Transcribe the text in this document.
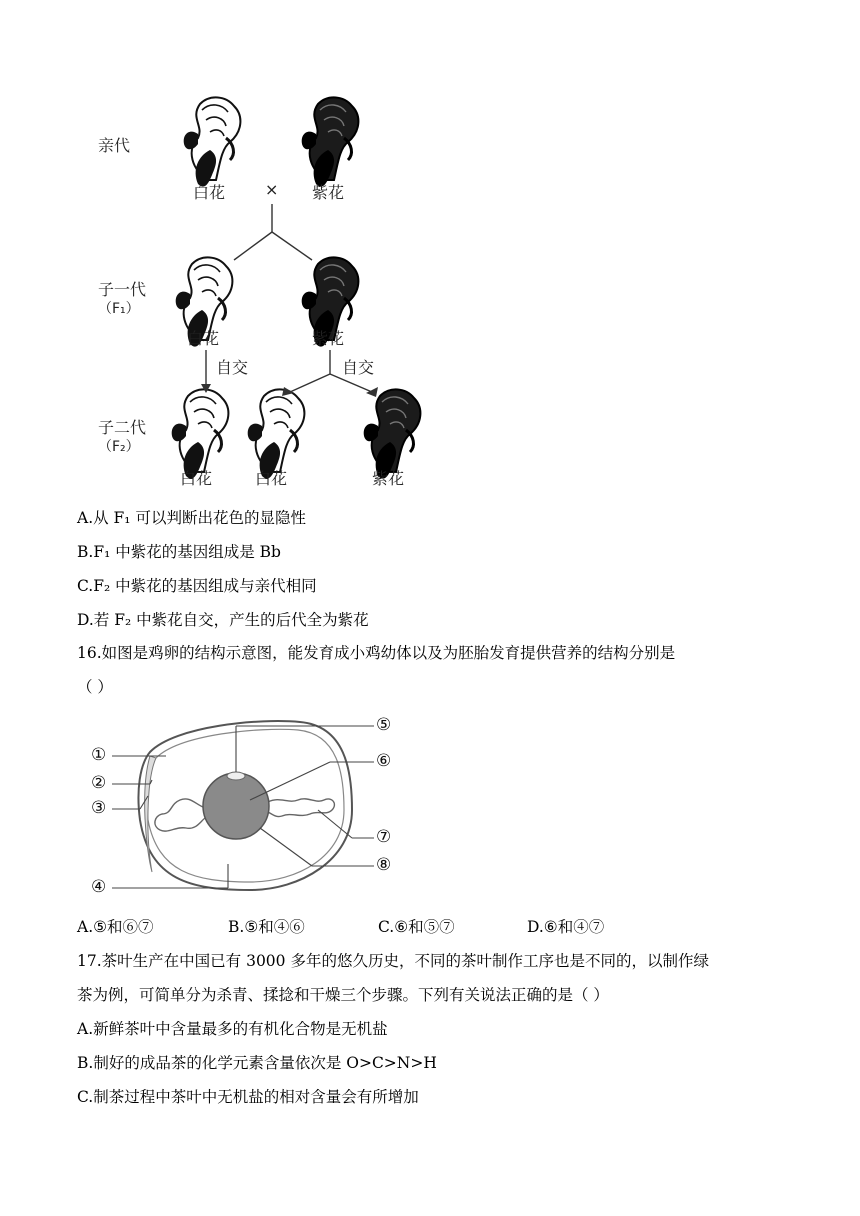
亲代
白花 × 紫花
子一代
（F₁）
白花	紫花
自交	自交
子二代
（F₂）
白花	白花	紫花
A.从 F₁ 可以判断出花色的显隐性
B.F₁ 中紫花的基因组成是 Bb
C.F₂ 中紫花的基因组成与亲代相同
D.若 F₂ 中紫花自交，产生的后代全为紫花
16.如图是鸡卵的结构示意图，能发育成小鸡幼体以及为胚胎发育提供营养的结构分别是
（ ）
①
②
③
④
⑤
⑥
⑦
⑧
A.⑤和⑥⑦	B.⑤和④⑥	C.⑥和⑤⑦	D.⑥和④⑦
17.茶叶生产在中国已有 3000 多年的悠久历史，不同的茶叶制作工序也是不同的，以制作绿
茶为例，可简单分为杀青、揉捻和干燥三个步骤。下列有关说法正确的是（ ）
A.新鲜茶叶中含量最多的有机化合物是无机盐
B.制好的成品茶的化学元素含量依次是 O>C>N>H
C.制茶过程中茶叶中无机盐的相对含量会有所增加
